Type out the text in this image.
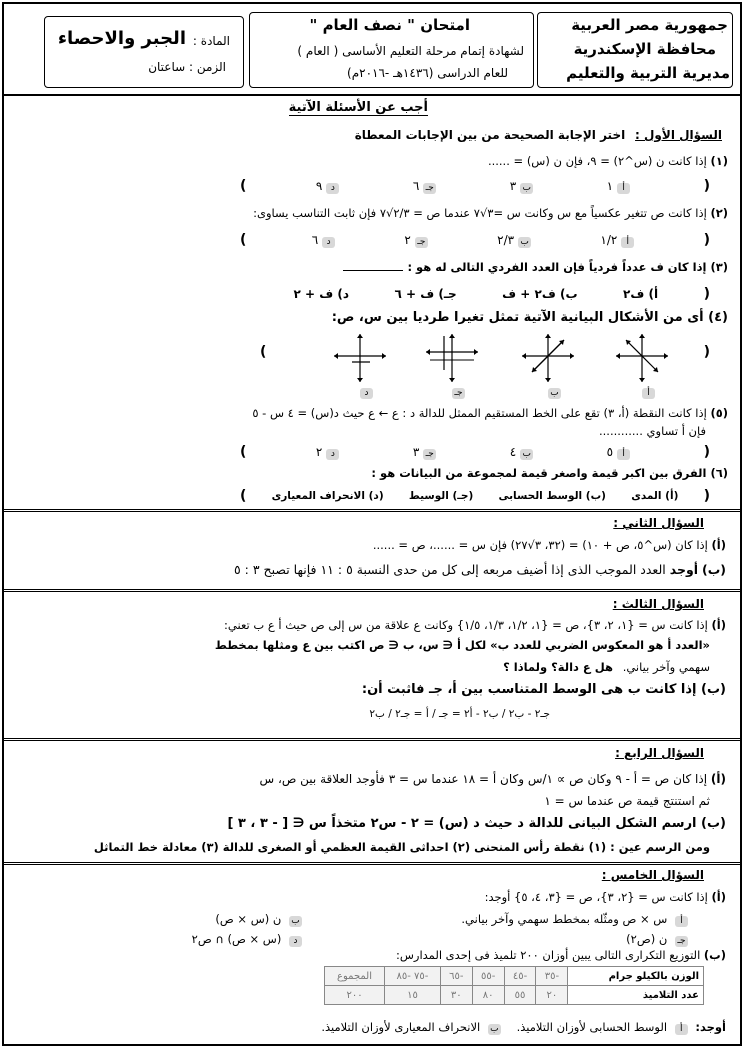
جمهورية مصر العربية
محافظة الإسكندرية
مديرية التربية والتعليم
امتحان " نصف العام "
لشهادة إتمام مرحلة التعليم الأساسى ( العام )
للعام الدراسى (١٤٣٦هـ -٢٠١٦م)
المادة :
الجبر والاحصاء
الزمن : ساعتان
أجب عن الأسئلة الآتية
السؤال الأول : اختر الإجابة الصحيحة من بين الإجابات المعطاة
(١) إذا كانت ن (س^٢) = ٩، فإن ن (س) = ......
(
أ١
ب٣
جـ٦
د٩
)
(٢) إذا كانت ص تتغير عكسياً مع س وكانت س =٣√٧ عندما ص = ٢/٣√٧ فإن ثابت التناسب يساوى:
(
أ١/٢
ب٢/٣
جـ٢
د٦
)
(٣) إذا كان ف عدداً فردياً فإن العدد الفردي التالى له هو :
(
أ) ف٢
ب) ف٢ + ف
جـ) ف + ٦
د) ف + ٢
(٤) أى من الأشكال البيانية الآتية تمثل تغيرا طرديا بين س، ص:
(
)
أ
ب
جـ
د
(٥) إذا كانت النقطة (أ، ٣) تقع على الخط المستقيم الممثل للدالة د : ع ← ع حيث د(س) = ٤ س - ٥
فإن أ تساوي ............
(
أ٥
ب٤
جـ٣
د٢
)
(٦) الفرق بين اكبر قيمة واصغر قيمة لمجموعة من البيانات هو :
(
(أ) المدى
(ب) الوسط الحسابى
(جـ) الوسيط
(د) الانحراف المعيارى
)
السؤال الثاني :
(أ) إذا كان (س^٥، ص + ١٠) = (٣٢، ٣√٢٧) فإن س = ......، ص = ......
(ب) أوجد العدد الموجب الذى إذا أضيف مربعه إلى كل من حدى النسبة ٥ : ١١ فإنها تصبح ٣ : ٥
السؤال الثالث :
(أ) إذا كانت س = {١، ٢، ٣}، ص = {١، ١/٢، ١/٣، ١/٥} وكانت ع علاقة من س إلى ص حيث أ ع ب تعني:
«العدد أ هو المعكوس الضربي للعدد ب» لكل أ ∈ س، ب ∈ ص اكتب بين ع ومثلها بمخطط
سهمي وآخر بياني. هل ع دالة؟ ولماذا ؟
(ب) إذا كانت ب هى الوسط المتناسب بين أ، جـ فاثبت أن:
جـ٢ - ب٢ / ب٢ - أ٢ = جـ / أ = جـ٢ / ب٢
السؤال الرابع :
(أ) إذا كان ص = أ - ٩ وكان ص ∝ ١/س وكان أ = ١٨ عندما س = ٣ فأوجد العلاقة بين ص، س
ثم استنتج قيمة ص عندما س = ١
(ب) ارسم الشكل البيانى للدالة د حيث د (س) = ٢ - س٢ متخذاً س ∈ [ - ٣ ، ٣ ]
ومن الرسم عين : (١) نقطة رأس المنحنى (٢) احداثى القيمة العظمي أو الصغرى للدالة (٣) معادلة خط التماثل
السؤال الخامس :
(أ) إذا كانت س = {٢، ٣}، ص = {٣، ٤، ٥} أوجد:
أ س × ص ومثّله بمخطط سهمي وآخر بياني.
ب ن (س × ص)
جـ ن (ص٢)
د (س × ص) ∩ ص٢
(ب) التوزيع التكرارى التالى يبين أوزان ٢٠٠ تلميذ فى إحدى المدارس:
الوزن بالكيلو جرام	-٣٥	-٤٥	-٥٥	-٦٥	-٧٥ -٨٥	المجموع
عدد التلاميذ	٢٠	٥٥	٨٠	٣٠	١٥	٢٠٠
أوجد: أ الوسط الحسابى لأوزان التلاميذ. ب الانحراف المعيارى لأوزان التلاميذ.
